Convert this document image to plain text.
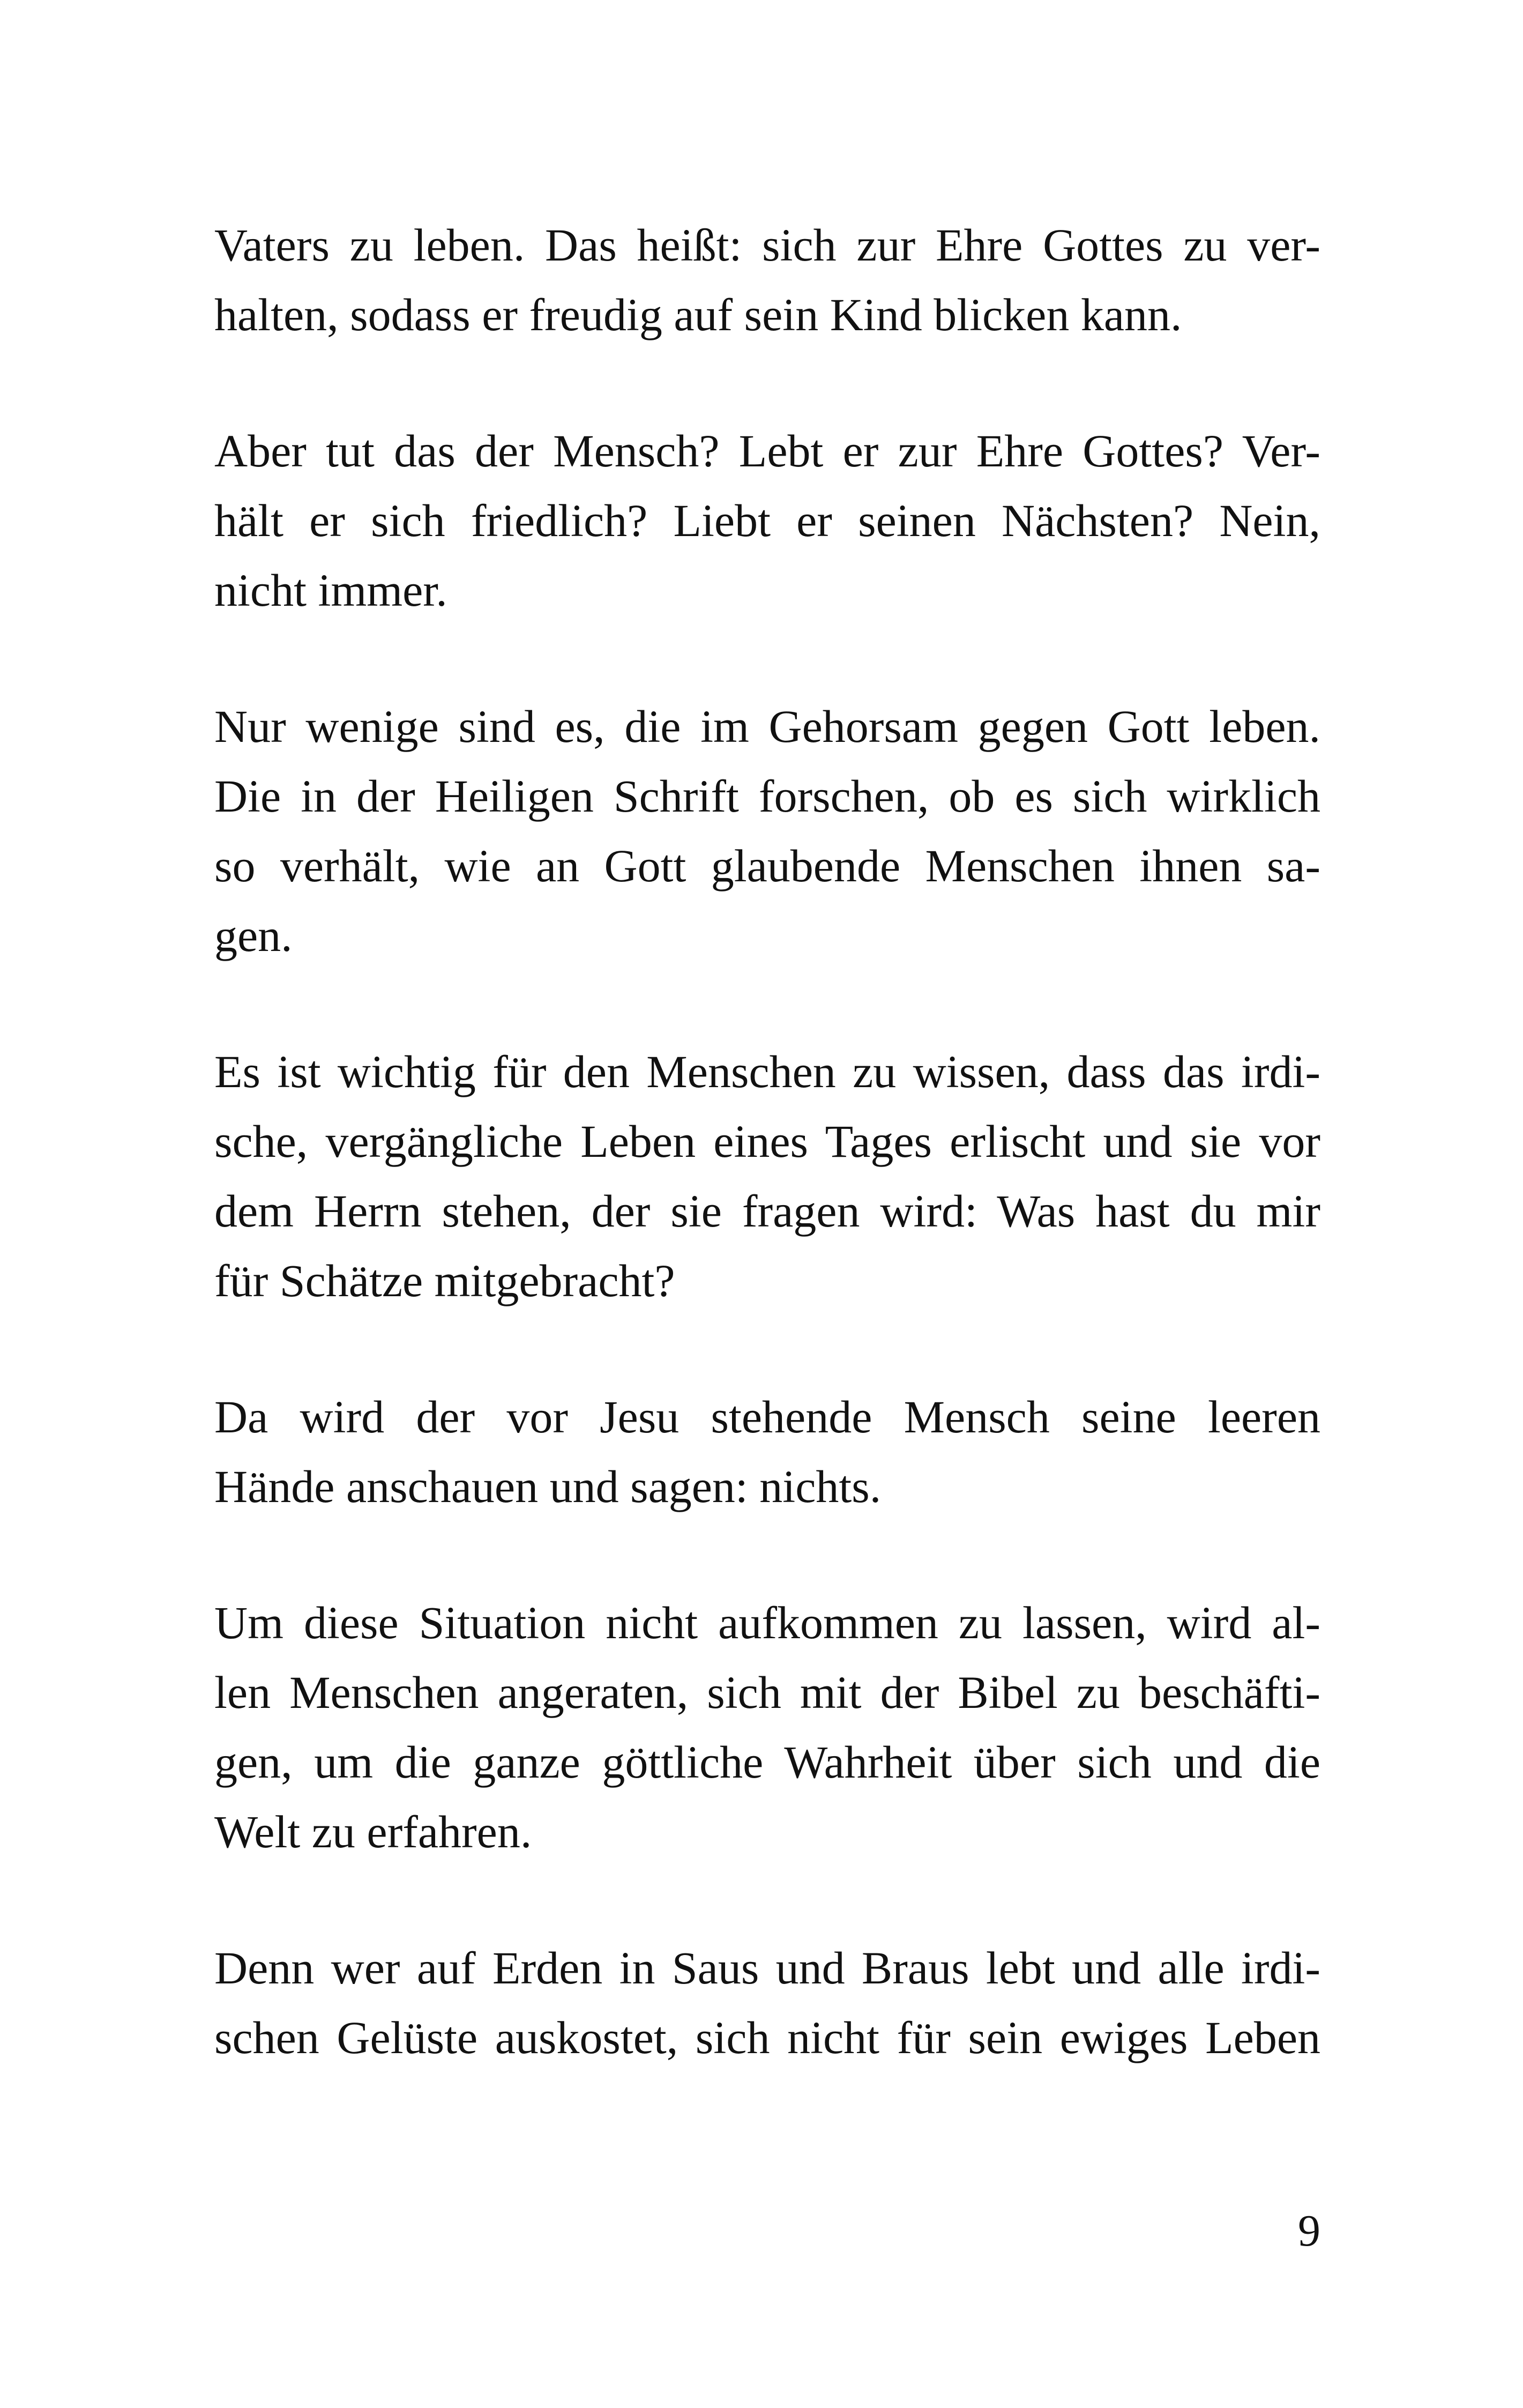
Vaters zu leben. Das heißt: sich zur Ehre Gottes zu ver-
halten, sodass er freudig auf sein Kind blicken kann.
Aber tut das der Mensch? Lebt er zur Ehre Gottes? Ver-
hält er sich friedlich? Liebt er seinen Nächsten? Nein,
nicht immer.
Nur wenige sind es, die im Gehorsam gegen Gott leben.
Die in der Heiligen Schrift forschen, ob es sich wirklich
so verhält, wie an Gott glaubende Menschen ihnen sa-
gen.
Es ist wichtig für den Menschen zu wissen, dass das irdi-
sche, vergängliche Leben eines Tages erlischt und sie vor
dem Herrn stehen, der sie fragen wird: Was hast du mir
für Schätze mitgebracht?
Da wird der vor Jesu stehende Mensch seine leeren
Hände anschauen und sagen: nichts.
Um diese Situation nicht aufkommen zu lassen, wird al-
len Menschen angeraten, sich mit der Bibel zu beschäfti-
gen, um die ganze göttliche Wahrheit über sich und die
Welt zu erfahren.
Denn wer auf Erden in Saus und Braus lebt und alle irdi-
schen Gelüste auskostet, sich nicht für sein ewiges Leben
9
